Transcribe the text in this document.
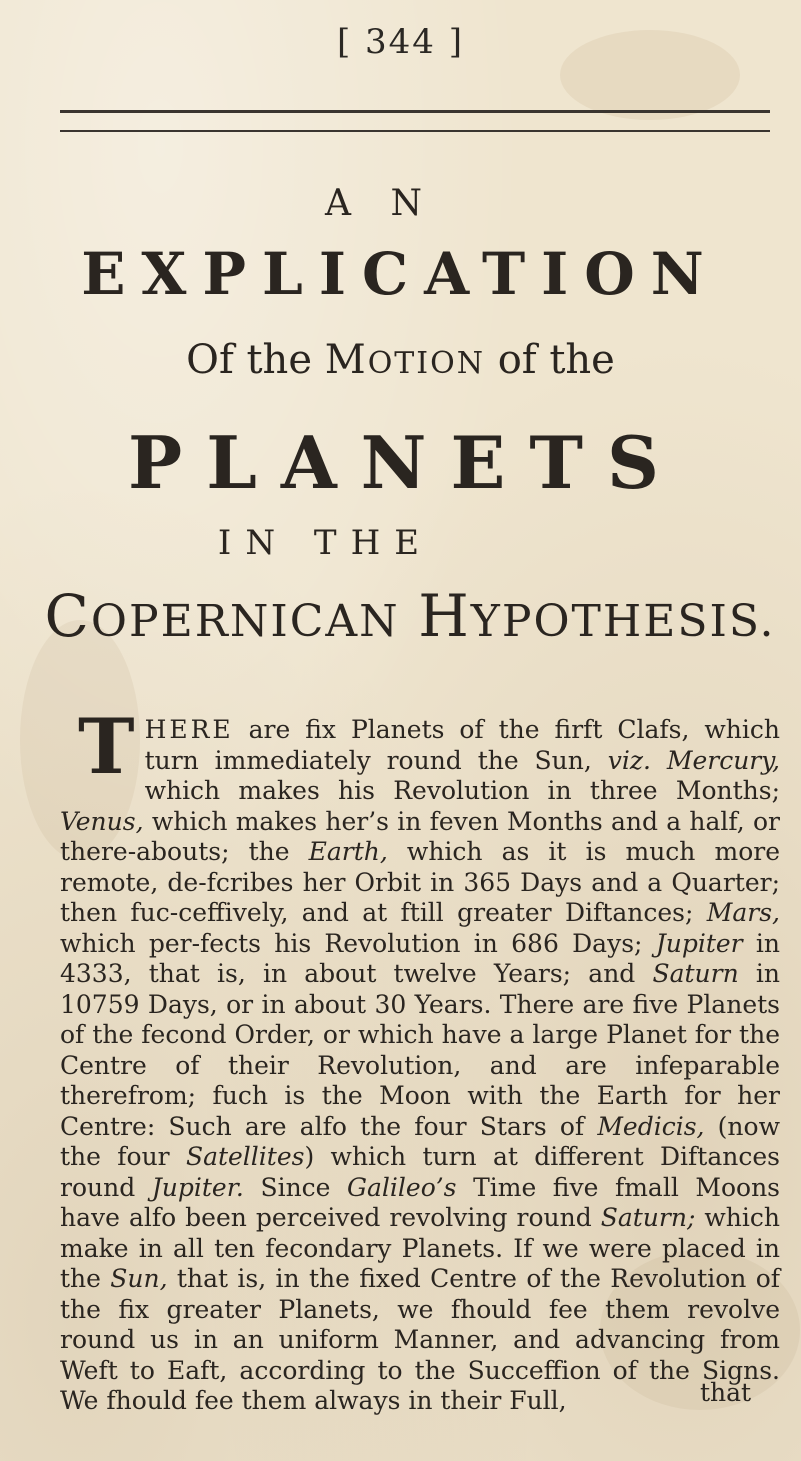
[ 344 ]
A N
EXPLICATION
Of the MOTION of the
PLANETS
IN THE
COPERNICAN HYPOTHESIS.

THERE are fix Planets of the firft Clafs, which turn immediately round the Sun, viz. Mercury, which makes his Revolution in three Months; Venus, which makes her’s in feven Months and a half, or there-abouts; the Earth, which as it is much more remote, de-fcribes her Orbit in 365 Days and a Quarter; then fuc-ceffively, and at ftill greater Diftances; Mars, which per-fects his Revolution in 686 Days; Jupiter in 4333, that is, in about twelve Years; and Saturn in 10759 Days, or in about 30 Years. There are five Planets of the fecond Order, or which have a large Planet for the Centre of their Revolution, and are infeparable therefrom; fuch is the Moon with the Earth for her Centre: Such are alfo the four Stars of Medicis, (now the four Satellites) which turn at different Diftances round Jupiter. Since Galileo’s Time five fmall Moons have alfo been perceived revolving round Saturn; which make in all ten fecondary Planets. If we were placed in the Sun, that is, in the fixed Centre of the Revolution of the fix greater Planets, we fhould fee them revolve round us in an uniform Manner, and advancing from Weft to Eaft, according to the Succeffion of the Signs. We fhould fee them always in their Full,	that
